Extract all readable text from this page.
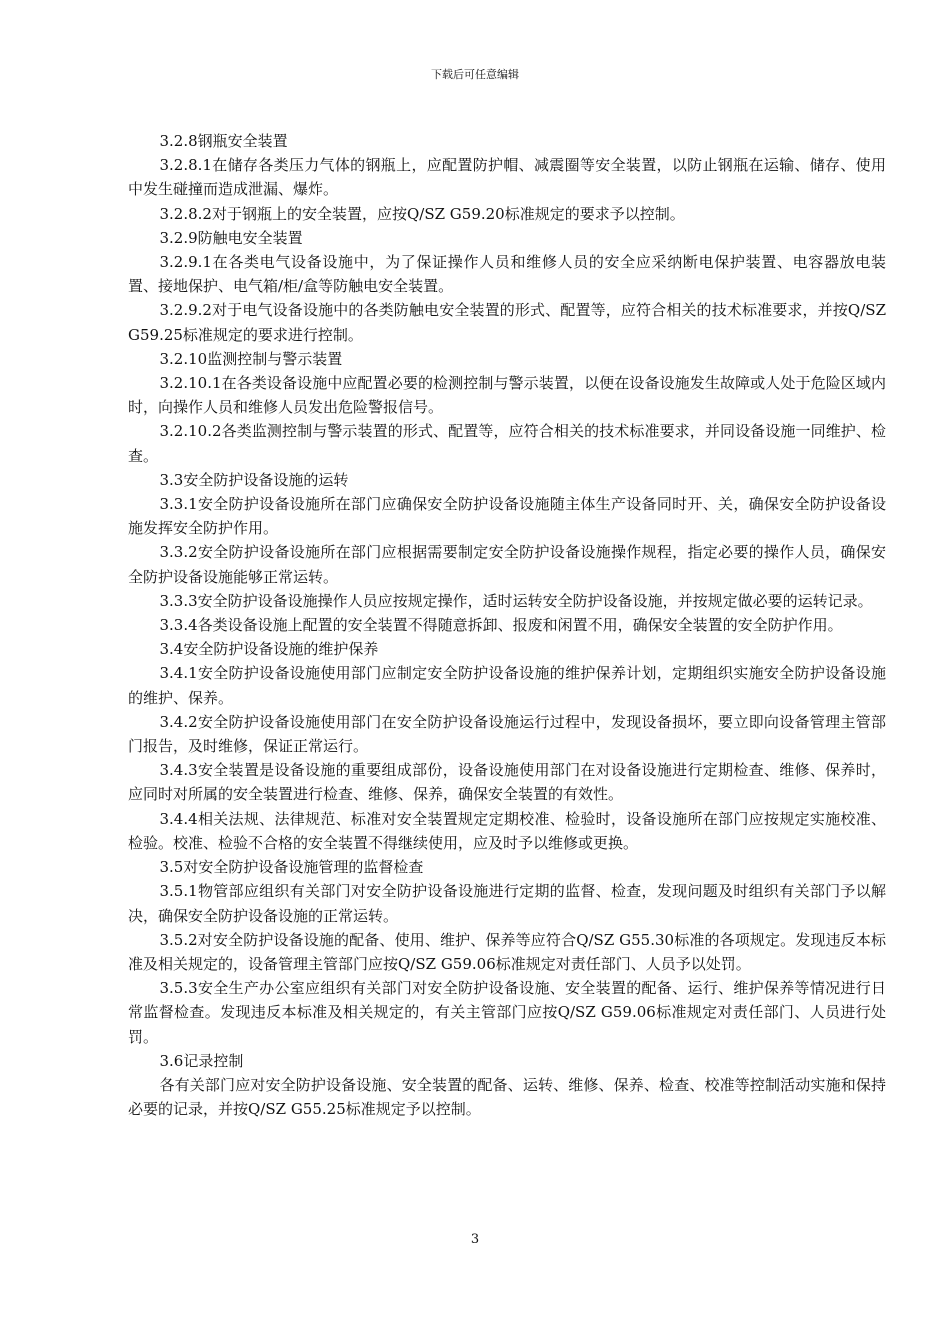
下载后可任意编辑

3.2.8钢瓶安全装置

3.2.8.1在储存各类压力气体的钢瓶上，应配置防护帽、减震圈等安全装置，以防止钢瓶在运输、储存、使用中发生碰撞而造成泄漏、爆炸。

3.2.8.2对于钢瓶上的安全装置，应按Q/SZ G59.20标准规定的要求予以控制。

3.2.9防触电安全装置

3.2.9.1在各类电气设备设施中，为了保证操作人员和维修人员的安全应采纳断电保护装置、电容器放电装置、接地保护、电气箱/柜/盒等防触电安全装置。

3.2.9.2对于电气设备设施中的各类防触电安全装置的形式、配置等，应符合相关的技术标准要求，并按Q/SZ G59.25标准规定的要求进行控制。

3.2.10监测控制与警示装置

3.2.10.1在各类设备设施中应配置必要的检测控制与警示装置，以便在设备设施发生故障或人处于危险区域内时，向操作人员和维修人员发出危险警报信号。

3.2.10.2各类监测控制与警示装置的形式、配置等，应符合相关的技术标准要求，并同设备设施一同维护、检查。

3.3安全防护设备设施的运转

3.3.1安全防护设备设施所在部门应确保安全防护设备设施随主体生产设备同时开、关，确保安全防护设备设施发挥安全防护作用。

3.3.2安全防护设备设施所在部门应根据需要制定安全防护设备设施操作规程，指定必要的操作人员，确保安全防护设备设施能够正常运转。

3.3.3安全防护设备设施操作人员应按规定操作，适时运转安全防护设备设施，并按规定做必要的运转记录。

3.3.4各类设备设施上配置的安全装置不得随意拆卸、报废和闲置不用，确保安全装置的安全防护作用。

3.4安全防护设备设施的维护保养

3.4.1安全防护设备设施使用部门应制定安全防护设备设施的维护保养计划，定期组织实施安全防护设备设施的维护、保养。

3.4.2安全防护设备设施使用部门在安全防护设备设施运行过程中，发现设备损坏，要立即向设备管理主管部门报告，及时维修，保证正常运行。

3.4.3安全装置是设备设施的重要组成部份，设备设施使用部门在对设备设施进行定期检查、维修、保养时，应同时对所属的安全装置进行检查、维修、保养，确保安全装置的有效性。

3.4.4相关法规、法律规范、标准对安全装置规定定期校准、检验时，设备设施所在部门应按规定实施校准、检验。校准、检验不合格的安全装置不得继续使用，应及时予以维修或更换。

3.5对安全防护设备设施管理的监督检查

3.5.1物管部应组织有关部门对安全防护设备设施进行定期的监督、检查，发现问题及时组织有关部门予以解决，确保安全防护设备设施的正常运转。

3.5.2对安全防护设备设施的配备、使用、维护、保养等应符合Q/SZ G55.30标准的各项规定。发现违反本标准及相关规定的，设备管理主管部门应按Q/SZ G59.06标准规定对责任部门、人员予以处罚。

3.5.3安全生产办公室应组织有关部门对安全防护设备设施、安全装置的配备、运行、维护保养等情况进行日常监督检查。发现违反本标准及相关规定的，有关主管部门应按Q/SZ G59.06标准规定对责任部门、人员进行处罚。

3.6记录控制

各有关部门应对安全防护设备设施、安全装置的配备、运转、维修、保养、检查、校准等控制活动实施和保持必要的记录，并按Q/SZ G55.25标准规定予以控制。

3
